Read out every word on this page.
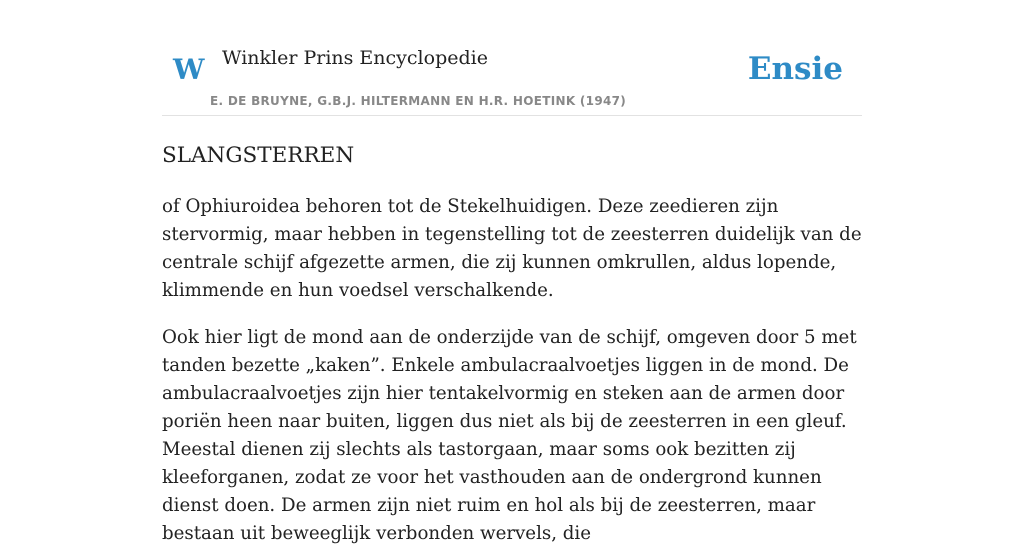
W Winkler Prins Encyclopedie	Ensie
E. DE BRUYNE, G.B.J. HILTERMANN EN H.R. HOETINK (1947)
SLANGSTERREN

of Ophiuroidea behoren tot de Stekelhuidigen. Deze zeedieren zijn stervormig, maar hebben in tegenstelling tot de zeesterren duidelijk van de centrale schijf afgezette armen, die zij kunnen omkrullen, aldus lopende, klimmende en hun voedsel verschalkende.

Ook hier ligt de mond aan de onderzijde van de schijf, omgeven door 5 met tanden bezette „kaken”. Enkele ambulacraalvoetjes liggen in de mond. De ambulacraalvoetjes zijn hier tentakelvormig en steken aan de armen door poriën heen naar buiten, liggen dus niet als bij de zeesterren in een gleuf. Meestal dienen zij slechts als tastorgaan, maar soms ook bezitten zij kleeforganen, zodat ze voor het vasthouden aan de ondergrond kunnen dienst doen. De armen zijn niet ruim en hol als bij de zeesterren, maar bestaan uit beweeglijk verbonden wervels, die
